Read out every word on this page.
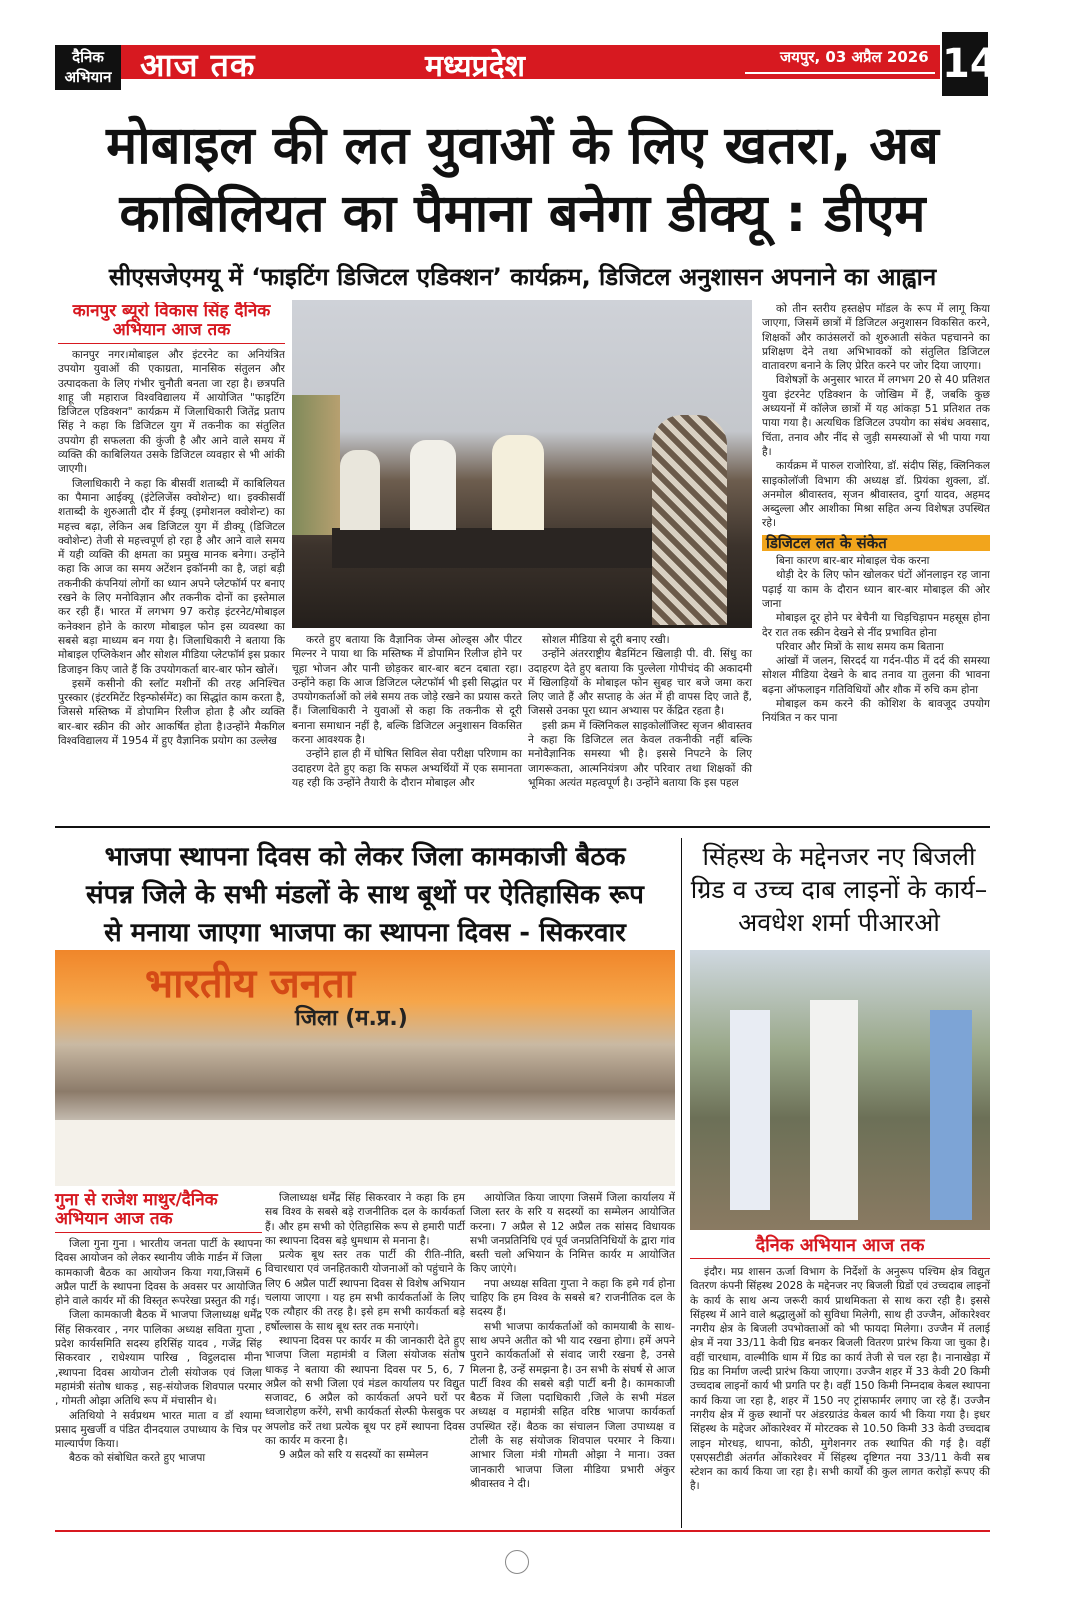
दैनिक
अभियान आज तक	मध्यप्रदेश	जयपुर, 03 अप्रैल 2026 14
मोबाइल की लत युवाओं के लिए खतरा, अब
काबिलियत का पैमाना बनेगा डीक्यू : डीएम
सीएसजेएमयू में ‘फाइटिंग डिजिटल एडिक्शन’ कार्यक्रम, डिजिटल अनुशासन अपनाने का आह्वान
कानपुर ब्यूरो विकास सिंह दैनिक अभियान आज तक

कानपुर नगर।मोबाइल और इंटरनेट का अनियंत्रित उपयोग युवाओं की एकाग्रता, मानसिक संतुलन और उत्पादकता के लिए गंभीर चुनौती बनता जा रहा है। छत्रपति शाहू जी महाराज विश्वविद्यालय में आयोजित "फाइटिंग डिजिटल एडिक्शन" कार्यक्रम में जिलाधिकारी जितेंद्र प्रताप सिंह ने कहा कि डिजिटल युग में तकनीक का संतुलित उपयोग ही सफलता की कुंजी है और आने वाले समय में व्यक्ति की काबिलियत उसके डिजिटल व्यवहार से भी आंकी जाएगी।

जिलाधिकारी ने कहा कि बीसवीं शताब्दी में काबिलियत का पैमाना आईक्यू (इंटेलिजेंस क्वोशेन्ट) था। इक्कीसवीं शताब्दी के शुरुआती दौर में ईक्यू (इमोशनल क्वोशेन्ट) का महत्त्व बढ़ा, लेकिन अब डिजिटल युग में डीक्यू (डिजिटल क्वोशेन्ट) तेजी से महत्त्वपूर्ण हो रहा है और आने वाले समय में यही व्यक्ति की क्षमता का प्रमुख मानक बनेगा। उन्होंने कहा कि आज का समय अटेंशन इकॉनमी का है, जहां बड़ी तकनीकी कंपनियां लोगों का ध्यान अपने प्लेटफॉर्म पर बनाए रखने के लिए मनोविज्ञान और तकनीक दोनों का इस्तेमाल कर रही हैं। भारत में लगभग 97 करोड़ इंटरनेट/मोबाइल कनेक्शन होने के कारण मोबाइल फोन इस व्यवस्था का सबसे बड़ा माध्यम बन गया है। जिलाधिकारी ने बताया कि मोबाइल एप्लिकेशन और सोशल मीडिया प्लेटफॉर्म इस प्रकार डिजाइन किए जाते हैं कि उपयोगकर्ता बार-बार फोन खोलें।

इसमें कसीनो की स्लॉट मशीनों की तरह अनिश्चित पुरस्कार (इंटरमिटेंट रिइन्फोर्समेंट) का सिद्धांत काम करता है, जिससे मस्तिष्क में डोपामिन रिलीज होता है और व्यक्ति बार-बार स्क्रीन की ओर आकर्षित होता है।उन्होंने मैकगिल विश्वविद्यालय में 1954 में हुए वैज्ञानिक प्रयोग का उल्लेख

करते हुए बताया कि वैज्ञानिक जेम्स ओल्ड्स और पीटर मिल्नर ने पाया था कि मस्तिष्क में डोपामिन रिलीज होने पर चूहा भोजन और पानी छोड़कर बार-बार बटन दबाता रहा। उन्होंने कहा कि आज डिजिटल प्लेटफॉर्म भी इसी सिद्धांत पर उपयोगकर्ताओं को लंबे समय तक जोड़े रखने का प्रयास करते हैं। जिलाधिकारी ने युवाओं से कहा कि तकनीक से दूरी बनाना समाधान नहीं है, बल्कि डिजिटल अनुशासन विकसित करना आवश्यक है।

उन्होंने हाल ही में घोषित सिविल सेवा परीक्षा परिणाम का उदाहरण देते हुए कहा कि सफल अभ्यर्थियों में एक समानता यह रही कि उन्होंने तैयारी के दौरान मोबाइल और

सोशल मीडिया से दूरी बनाए रखी।

उन्होंने अंतरराष्ट्रीय बैडमिंटन खिलाड़ी पी. वी. सिंधु का उदाहरण देते हुए बताया कि पुल्लेला गोपीचंद की अकादमी में खिलाड़ियों के मोबाइल फोन सुबह चार बजे जमा करा लिए जाते हैं और सप्ताह के अंत में ही वापस दिए जाते हैं, जिससे उनका पूरा ध्यान अभ्यास पर केंद्रित रहता है।

इसी क्रम में क्लिनिकल साइकोलॉजिस्ट सृजन श्रीवास्तव ने कहा कि डिजिटल लत केवल तकनीकी नहीं बल्कि मनोवैज्ञानिक समस्या भी है। इससे निपटने के लिए जागरूकता, आत्मनियंत्रण और परिवार तथा शिक्षकों की भूमिका अत्यंत महत्वपूर्ण है। उन्होंने बताया कि इस पहल

को तीन स्तरीय हस्तक्षेप मॉडल के रूप में लागू किया जाएगा, जिसमें छात्रों में डिजिटल अनुशासन विकसित करने, शिक्षकों और काउंसलरों को शुरुआती संकेत पहचानने का प्रशिक्षण देने तथा अभिभावकों को संतुलित डिजिटल वातावरण बनाने के लिए प्रेरित करने पर जोर दिया जाएगा।

विशेषज्ञों के अनुसार भारत में लगभग 20 से 40 प्रतिशत युवा इंटरनेट एडिक्शन के जोखिम में हैं, जबकि कुछ अध्ययनों में कॉलेज छात्रों में यह आंकड़ा 51 प्रतिशत तक पाया गया है। अत्यधिक डिजिटल उपयोग का संबंध अवसाद, चिंता, तनाव और नींद से जुड़ी समस्याओं से भी पाया गया है।

कार्यक्रम में पारुल राजोरिया, डॉ. संदीप सिंह, क्लिनिकल साइकोलॉजी विभाग की अध्यक्ष डॉ. प्रियंका शुक्ला, डॉ. अनमोल श्रीवास्तव, सृजन श्रीवास्तव, दुर्गा यादव, अहमद अब्दुल्ला और आशीका मिश्रा सहित अन्य विशेषज्ञ उपस्थित रहे।

डिजिटल लत के संकेत

बिना कारण बार-बार मोबाइल चेक करना

थोड़ी देर के लिए फोन खोलकर घंटों ऑनलाइन रह जाना पढ़ाई या काम के दौरान ध्यान बार-बार मोबाइल की ओर जाना

मोबाइल दूर होने पर बेचैनी या चिड़चिड़ापन महसूस होना देर रात तक स्क्रीन देखने से नींद प्रभावित होना

परिवार और मित्रों के साथ समय कम बिताना

आंखों में जलन, सिरदर्द या गर्दन-पीठ में दर्द की समस्या सोशल मीडिया देखने के बाद तनाव या तुलना की भावना बढ़ना ऑफलाइन गतिविधियों और शौक में रुचि कम होना

मोबाइल कम करने की कोशिश के बावजूद उपयोग नियंत्रित न कर पाना

भाजपा स्थापना दिवस को लेकर जिला कामकाजी बैठक
संपन्न जिले के सभी मंडलों के साथ बूथों पर ऐतिहासिक रूप
से मनाया जाएगा भाजपा का स्थापना दिवस - सिकरवार
भारतीय जनता
जिला (म.प्र.)
गुना से राजेश माथुर/दैनिक अभियान आज तक

जिला गुना गुना । भारतीय जनता पार्टी के स्थापना दिवस आयोजन को लेकर स्थानीय जीके गार्डन में जिला कामकाजी बैठक का आयोजन किया गया,जिसमें 6 अप्रैल पार्टी के स्थापना दिवस के अवसर पर आयोजित होने वाले कार्यर मों की विस्तृत रूपरेखा प्रस्तुत की गई।

जिला कामकाजी बैठक में भाजपा जिलाध्यक्ष धर्मेंद्र सिंह सिकरवार , नगर पालिका अध्यक्ष सविता गुप्ता , प्रदेश कार्यसमिति सदस्य हरिसिंह यादव , गजेंद्र सिंह सिकरवार , राधेश्याम पारिख , विट्ठलदास मीना ,स्थापना दिवस आयोजन टोली संयोजक एवं जिला महामंत्री संतोष धाकड़ , सह-संयोजक शिवपाल परमार , गोमती ओझा अतिथि रूप में मंचासीन थे।

अतिथियो ने सर्वप्रथम भारत माता व डॉ श्यामा प्रसाद मुखर्जी व पंडित दीनदयाल उपाध्याय के चित्र पर माल्यार्पण किया।

बैठक को संबोधित करते हुए भाजपा

जिलाध्यक्ष धर्मेंद्र सिंह सिकरवार ने कहा कि हम सब विश्व के सबसे बड़े राजनीतिक दल के कार्यकर्ता हैं। और हम सभी को ऐतिहासिक रूप से हमारी पार्टी का स्थापना दिवस बड़े धुमधाम से मनाना है।

प्रत्येक बूथ स्तर तक पार्टी की रीति-नीति, विचारधारा एवं जनहितकारी योजनाओं को पहुंचाने के लिए 6 अप्रैल पार्टी स्थापना दिवस से विशेष अभियान चलाया जाएगा । यह हम सभी कार्यकर्ताओं के लिए एक त्यौहार की तरह है। इसे हम सभी कार्यकर्ता बड़े हर्षोल्लास के साथ बूथ स्तर तक मनाएंगे।

स्थापना दिवस पर कार्यर म की जानकारी देते हुए भाजपा जिला महामंत्री व जिला संयोजक संतोष धाकड़ ने बताया की स्थापना दिवस पर 5, 6, 7 अप्रैल को सभी जिला एवं मंडल कार्यालय पर विद्युत सजावट, 6 अप्रैल को कार्यकर्ता अपने घरों पर ध्वजारोहण करेंगे, सभी कार्यकर्ता सेल्फी फेसबुक पर अपलोड करें तथा प्रत्येक बूथ पर हमें स्थापना दिवस का कार्यर म करना है।

9 अप्रैल को सरि य सदस्यों का सम्मेलन

आयोजित किया जाएगा जिसमें जिला कार्यालय में जिला स्तर के सरि य सदस्यों का सम्मेलन आयोजित करना। 7 अप्रैल से 12 अप्रैल तक सांसद विधायक सभी जनप्रतिनिधि एवं पूर्व जनप्रतिनिधियों के द्वारा गांव बस्ती चलो अभियान के निमित्त कार्यर म आयोजित किए जाएंगे।

नपा अध्यक्ष सविता गुप्ता ने कहा कि हमे गर्व होना चाहिए कि हम विश्व के सबसे ब? राजनीतिक दल के सदस्य हैं।

सभी भाजपा कार्यकर्ताओं को कामयाबी के साथ-साथ अपने अतीत को भी याद रखना होगा। हमें अपने पुराने कार्यकर्ताओं से संवाद जारी रखना है, उनसे मिलना है, उन्हें समझना है। उन सभी के संघर्ष से आज पार्टी विश्व की सबसे बड़ी पार्टी बनी है। कामकाजी बैठक में जिला पदाधिकारी ,जिले के सभी मंडल अध्यक्ष व महामंत्री सहित वरिष्ठ भाजपा कार्यकर्ता उपस्थित रहें। बैठक का संचालन जिला उपाध्यक्ष व टोली के सह संयोजक शिवपाल परमार ने किया। आभार जिला मंत्री गोमती ओझा ने माना। उक्त जानकारी भाजपा जिला मीडिया प्रभारी अंकुर श्रीवास्तव ने दी।

सिंहस्थ के मद्देनजर नए बिजली ग्रिड व उच्च दाब लाइनों के कार्य– अवधेश शर्मा पीआरओ
दैनिक अभियान आज तक

इंदौर। मप्र शासन ऊर्जा विभाग के निर्देशों के अनुरूप पश्चिम क्षेत्र विद्युत वितरण कंपनी सिंहस्थ 2028 के मद्देनजर नए बिजली ग्रिडों एवं उच्चदाब लाइनों के कार्य के साथ अन्य जरूरी कार्य प्राथमिकता से साथ करा रही है। इससे सिंहस्थ में आने वाले श्रद्धालुओं को सुविधा मिलेगी, साथ ही उज्जैन, ओंकारेश्वर नगरीय क्षेत्र के बिजली उपभोक्ताओं को भी फायदा मिलेगा। उज्जैन में तलाई क्षेत्र में नया 33/11 केवी ग्रिड बनकर बिजली वितरण प्रारंभ किया जा चुका है। वहीं चारधाम, वाल्मीकि धाम में ग्रिड का कार्य तेजी से चल रहा है। नानाखेड़ा में ग्रिड का निर्माण जल्दी प्रारंभ किया जाएगा। उज्जैन शहर में 33 केवी 20 किमी उच्चदाब लाइनों कार्य भी प्रगति पर है। वहीं 150 किमी निम्नदाब केबल स्थापना कार्य किया जा रहा है, शहर में 150 नए ट्रांसफार्मर लगाए जा रहे हैं। उज्जैन नगरीय क्षेत्र में कुछ स्थानों पर अंडरग्राउंड केबल कार्य भी किया गया है। इधर सिंहस्थ के मद्देजर ओंकारेश्वर में मोरटक्क से 10.50 किमी 33 केवी उच्चदाब लाइन मोरधड़, थापना, कोठी, मुगेशनगर तक स्थापित की गई है। वहीं एसएसटीडी अंतर्गत ओंकारेश्वर में सिंहस्थ दृष्टिगत नया 33/11 केवी सब स्टेशन का कार्य किया जा रहा है। सभी कार्यों की कुल लागत करोड़ों रूपए की है।
